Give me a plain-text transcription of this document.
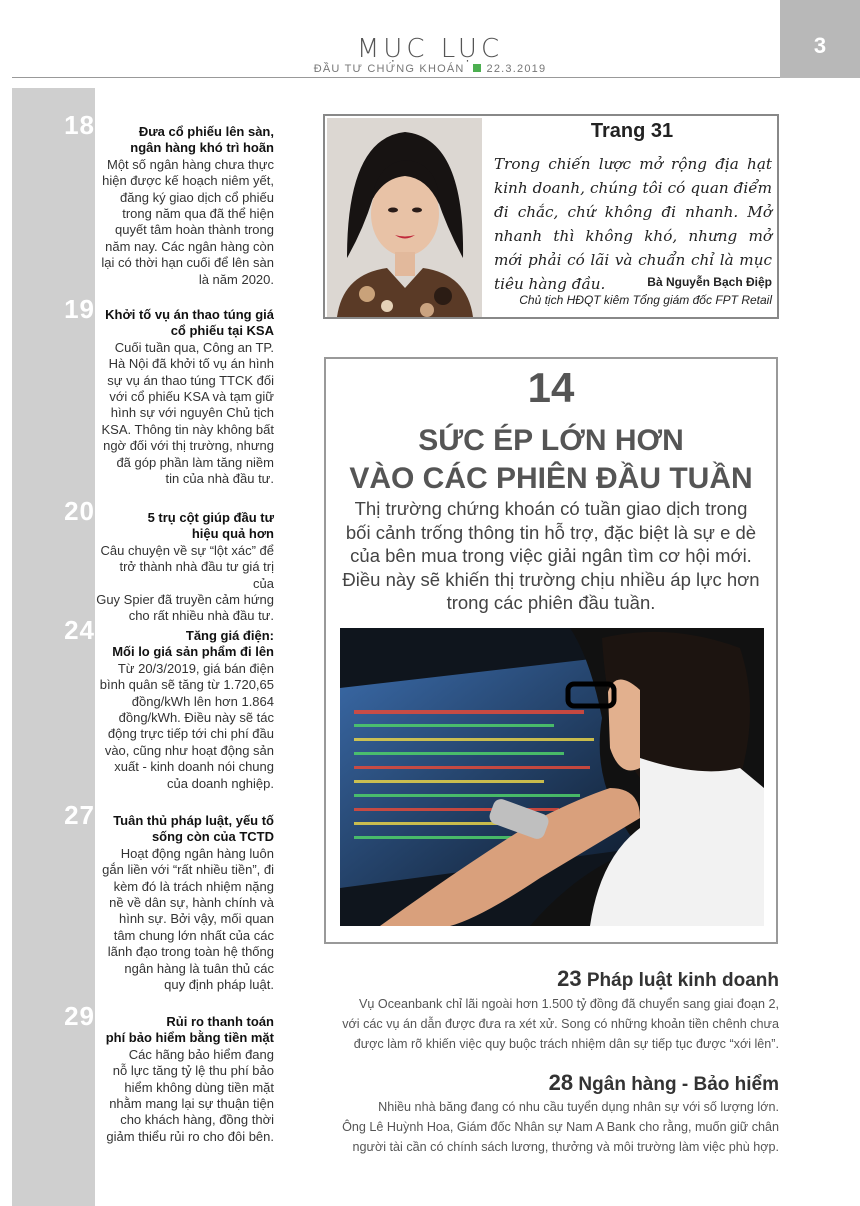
MỤC LỤC
ĐẦU TƯ CHỨNG KHOÁN 22.3.2019
3
18	Đưa cổ phiếu lên sàn,
ngân hàng khó trì hoãn
Một số ngân hàng chưa thực
hiện được kế hoạch niêm yết,
đăng ký giao dịch cổ phiếu
trong năm qua đã thể hiện
quyết tâm hoàn thành trong
năm nay. Các ngân hàng còn
lại có thời hạn cuối để lên sàn
là năm 2020.
19 Khởi tố vụ án thao túng giá
cổ phiếu tại KSA
Cuối tuần qua, Công an TP.
Hà Nội đã khởi tố vụ án hình
sự vụ án thao túng TTCK đối
với cổ phiếu KSA và tạm giữ
hình sự với nguyên Chủ tịch
KSA. Thông tin này không bất
ngờ đối với thị trường, nhưng
đã góp phần làm tăng niềm
tin của nhà đầu tư.
20	5 trụ cột giúp đầu tư
hiệu quả hơn
Câu chuyện về sự “lột xác” để
trở thành nhà đầu tư giá trị của
Guy Spier đã truyền cảm hứng
cho rất nhiều nhà đầu tư.
24	Tăng giá điện:
Mối lo giá sản phẩm đi lên
Từ 20/3/2019, giá bán điện
bình quân sẽ tăng từ 1.720,65
đồng/kWh lên hơn 1.864
đồng/kWh. Điều này sẽ tác
động trực tiếp tới chi phí đầu
vào, cũng như hoạt động sản
xuất - kinh doanh nói chung
của doanh nghiệp.
27	Tuân thủ pháp luật, yếu tố
sống còn của TCTD
Hoạt động ngân hàng luôn
gắn liền với “rất nhiều tiền”, đi
kèm đó là trách nhiệm nặng
nề về dân sự, hành chính và
hình sự. Bởi vậy, mối quan
tâm chung lớn nhất của các
lãnh đạo trong toàn hệ thống
ngân hàng là tuân thủ các
quy định pháp luật.
29	Rủi ro thanh toán
phí bảo hiểm bằng tiền mặt
Các hãng bảo hiểm đang
nỗ lực tăng tỷ lệ thu phí bảo
hiểm không dùng tiền mặt
nhằm mang lại sự thuận tiện
cho khách hàng, đồng thời
giảm thiểu rủi ro cho đôi bên.
Trang 31
Trong chiến lược mở rộng địa hạt kinh doanh, chúng tôi có quan điểm đi chắc, chứ không đi nhanh. Mở nhanh thì không khó, nhưng mở mới phải có lãi và chuẩn chỉ là mục tiêu hàng đầu.	Bà Nguyễn Bạch Điệp
Chủ tịch HĐQT kiêm Tổng giám đốc FPT Retail
14
SỨC ÉP LỚN HƠN
VÀO CÁC PHIÊN ĐẦU TUẦN
Thị trường chứng khoán có tuần giao dịch trong
bối cảnh trống thông tin hỗ trợ, đặc biệt là sự e dè
của bên mua trong việc giải ngân tìm cơ hội mới.
Điều này sẽ khiến thị trường chịu nhiều áp lực hơn
trong các phiên đầu tuần.
23 Pháp luật kinh doanh
Vụ Oceanbank chỉ lãi ngoài hơn 1.500 tỷ đồng đã chuyển sang giai đoạn 2,
với các vụ án dẫn được đưa ra xét xử. Song có những khoản tiền chênh chưa
được làm rõ khiến việc quy buộc trách nhiệm dân sự tiếp tục được “xới lên”.
28 Ngân hàng - Bảo hiểm
Nhiều nhà băng đang có nhu cầu tuyển dụng nhân sự với số lượng lớn.
Ông Lê Huỳnh Hoa, Giám đốc Nhân sự Nam A Bank cho rằng, muốn giữ chân
người tài cần có chính sách lương, thưởng và môi trường làm việc phù hợp.
